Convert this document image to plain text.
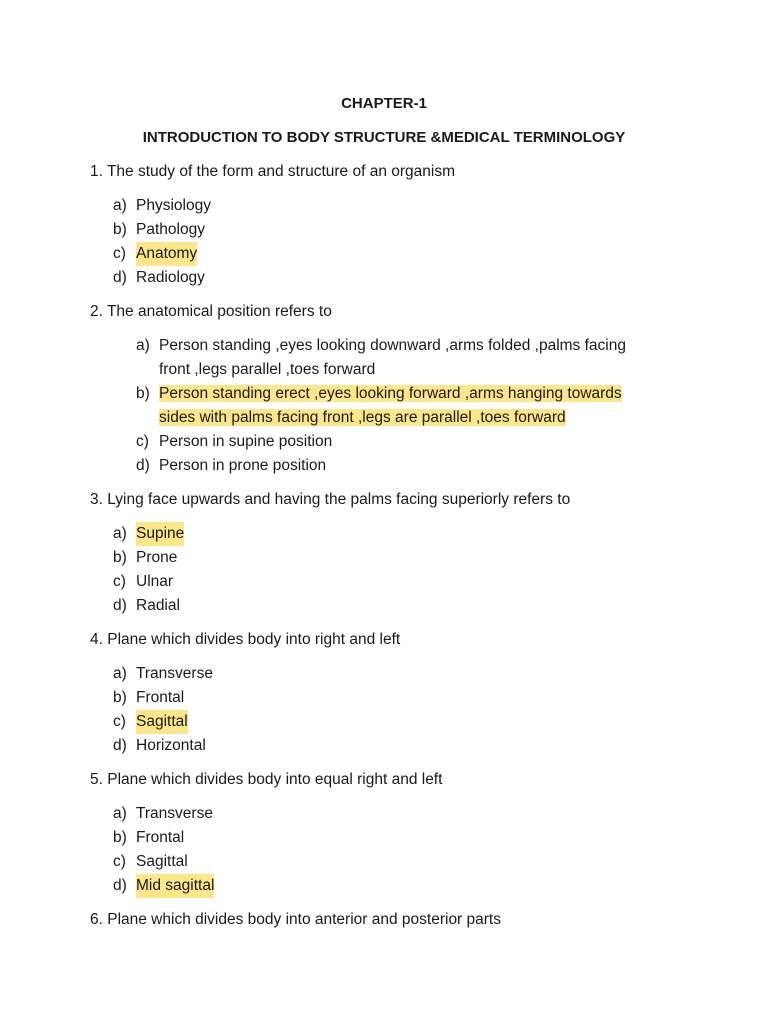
CHAPTER-1
INTRODUCTION TO BODY STRUCTURE &MEDICAL TERMINOLOGY
1. The study of the form and structure of an organism
a) Physiology
b) Pathology
c) Anatomy
d) Radiology
2. The anatomical position refers to
a) Person standing ,eyes looking downward ,arms folded ,palms facing
front ,legs parallel ,toes forward
b) Person standing erect ,eyes looking forward ,arms hanging towards
sides with palms facing front ,legs are parallel ,toes forward
c) Person in supine position
d) Person in prone position
3. Lying face upwards and having the palms facing superiorly refers to
a) Supine
b) Prone
c) Ulnar
d) Radial
4. Plane which divides body into right and left
a) Transverse
b) Frontal
c) Sagittal
d) Horizontal
5. Plane which divides body into equal right and left
a) Transverse
b) Frontal
c) Sagittal
d) Mid sagittal
6. Plane which divides body into anterior and posterior parts
